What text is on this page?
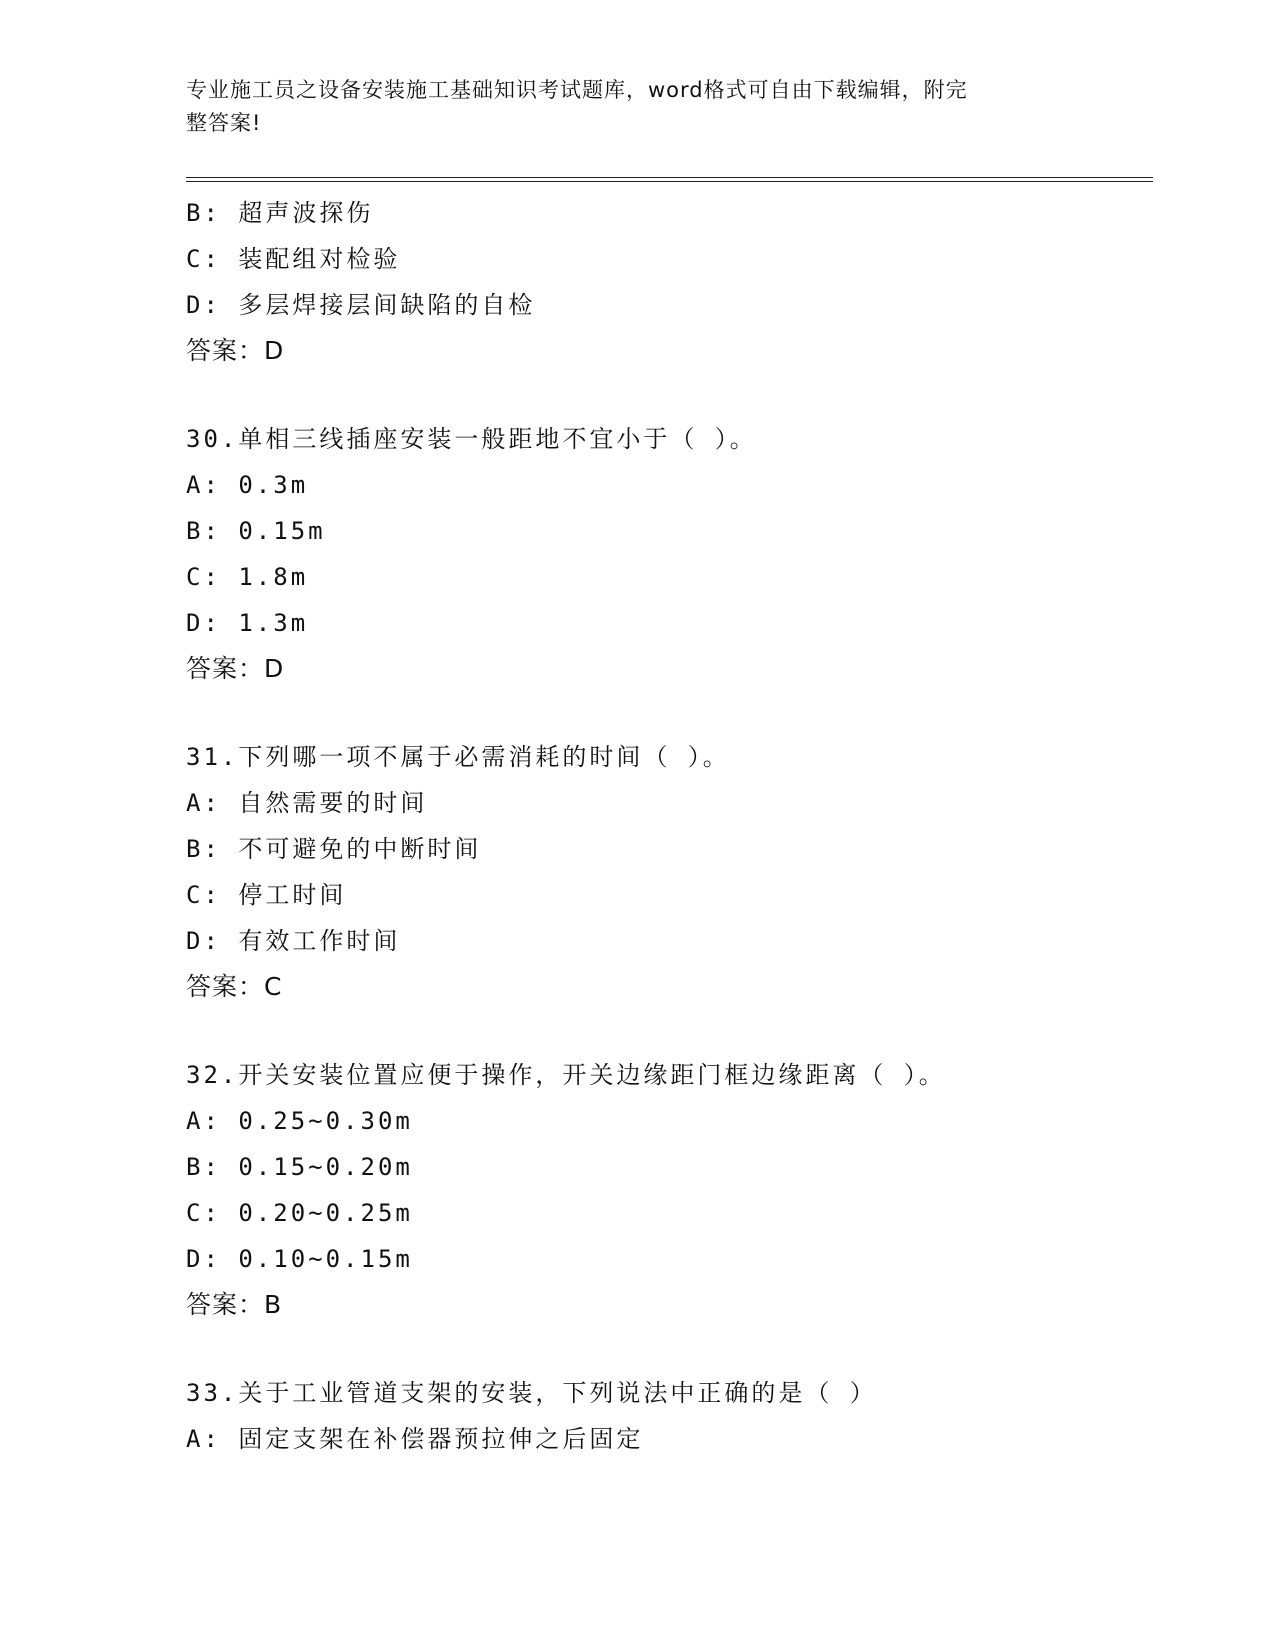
专业施工员之设备安装施工基础知识考试题库，word格式可自由下载编辑，附完
整答案!
B: 超声波探伤
C: 装配组对检验
D: 多层焊接层间缺陷的自检
答案：D
30.单相三线插座安装一般距地不宜小于（ ）。
A: 0.3m
B: 0.15m
C: 1.8m
D: 1.3m
答案：D
31.下列哪一项不属于必需消耗的时间（ ）。
A: 自然需要的时间
B: 不可避免的中断时间
C: 停工时间
D: 有效工作时间
答案：C
32.开关安装位置应便于操作，开关边缘距门框边缘距离（ ）。
A: 0.25~0.30m
B: 0.15~0.20m
C: 0.20~0.25m
D: 0.10~0.15m
答案：B
33.关于工业管道支架的安装，下列说法中正确的是（ ）
A: 固定支架在补偿器预拉伸之后固定
